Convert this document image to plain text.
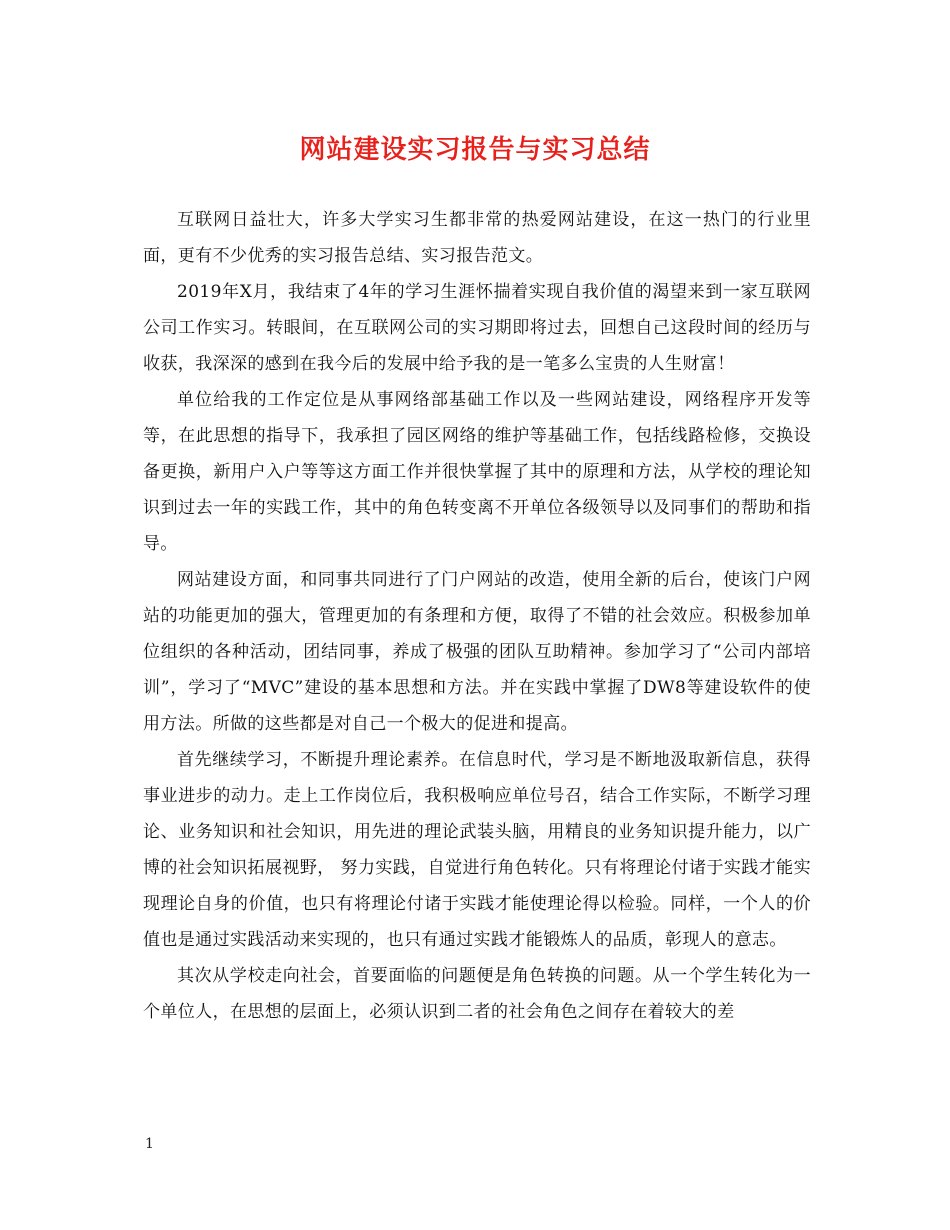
网站建设实习报告与实习总结

互联网日益壮大，许多大学实习生都非常的热爱网站建设，在这一热门的行业里面，更有不少优秀的实习报告总结、实习报告范文。

2019年X月，我结束了4年的学习生涯怀揣着实现自我价值的渴望来到一家互联网公司工作实习。转眼间，在互联网公司的实习期即将过去，回想自己这段时间的经历与收获，我深深的感到在我今后的发展中给予我的是一笔多么宝贵的人生财富！

单位给我的工作定位是从事网络部基础工作以及一些网站建设，网络程序开发等等，在此思想的指导下，我承担了园区网络的维护等基础工作，包括线路检修，交换设备更换，新用户入户等等这方面工作并很快掌握了其中的原理和方法，从学校的理论知识到过去一年的实践工作，其中的角色转变离不开单位各级领导以及同事们的帮助和指导。

网站建设方面，和同事共同进行了门户网站的改造，使用全新的后台，使该门户网站的功能更加的强大，管理更加的有条理和方便，取得了不错的社会效应。积极参加单位组织的各种活动，团结同事，养成了极强的团队互助精神。参加学习了“公司内部培训”，学习了“MVC”建设的基本思想和方法。并在实践中掌握了DW8等建设软件的使用方法。所做的这些都是对自己一个极大的促进和提高。

首先继续学习，不断提升理论素养。在信息时代，学习是不断地汲取新信息，获得事业进步的动力。走上工作岗位后，我积极响应单位号召，结合工作实际，不断学习理论、业务知识和社会知识，用先进的理论武装头脑，用精良的业务知识提升能力，以广博的社会知识拓展视野， 努力实践，自觉进行角色转化。只有将理论付诸于实践才能实现理论自身的价值，也只有将理论付诸于实践才能使理论得以检验。同样，一个人的价值也是通过实践活动来实现的，也只有通过实践才能锻炼人的品质，彰现人的意志。

其次从学校走向社会，首要面临的问题便是角色转换的问题。从一个学生转化为一个单位人，在思想的层面上，必须认识到二者的社会角色之间存在着较大的差

1
